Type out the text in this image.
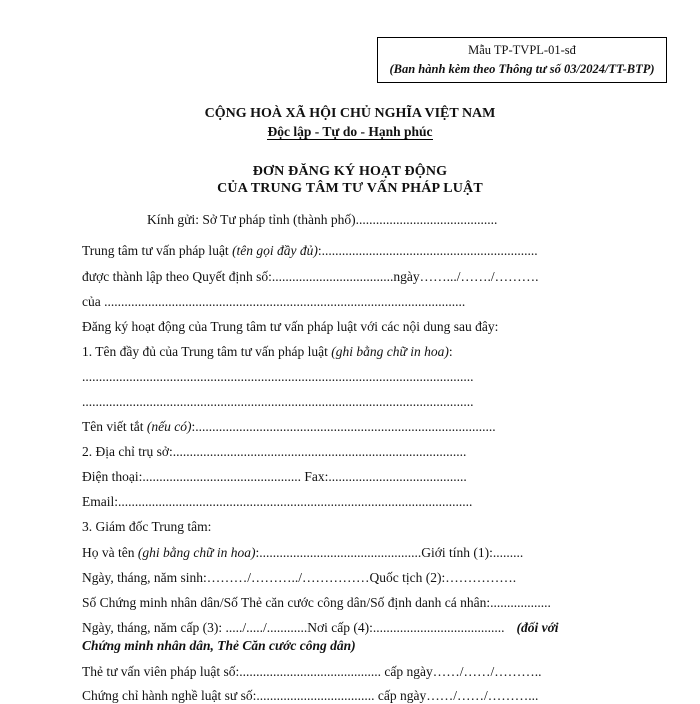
Mẫu TP-TVPL-01-sđ
(Ban hành kèm theo Thông tư số 03/2024/TT-BTP)
CỘNG HOÀ XÃ HỘI CHỦ NGHĨA VIỆT NAM
Độc lập - Tự do - Hạnh phúc
ĐƠN ĐĂNG KÝ HOẠT ĐỘNG
CỦA TRUNG TÂM TƯ VẤN PHÁP LUẬT
Kính gửi: Sở Tư pháp tỉnh (thành phố)..........................................
Trung tâm tư vấn pháp luật (tên gọi đầy đủ):................................................................
được thành lập theo Quyết định số:....................................ngày…….../……./……….
của ...........................................................................................................
Đăng ký hoạt động của Trung tâm tư vấn pháp luật với các nội dung sau đây:
1. Tên đầy đủ của Trung tâm tư vấn pháp luật (ghi bằng chữ in hoa):
....................................................................................................................
....................................................................................................................
Tên viết tắt (nếu có):.........................................................................................
2. Địa chỉ trụ sở:.......................................................................................
Điện thoại:............................................... Fax:.........................................
Email:.........................................................................................................
3. Giám đốc Trung tâm:
Họ và tên (ghi bằng chữ in hoa):................................................Giới tính (1):.........
Ngày, tháng, năm sinh:………/………../……………Quốc tịch (2):…………….
Số Chứng minh nhân dân/Số Thẻ căn cước công dân/Số định danh cá nhân:..................
Ngày, tháng, năm cấp (3): ...../...../............Nơi cấp (4):....................................... (đối với
Chứng minh nhân dân, Thẻ Căn cước công dân)
Thẻ tư vấn viên pháp luật số:.......................................... cấp ngày……/……/………..
Chứng chỉ hành nghề luật sư số:................................... cấp ngày……/……/………...
